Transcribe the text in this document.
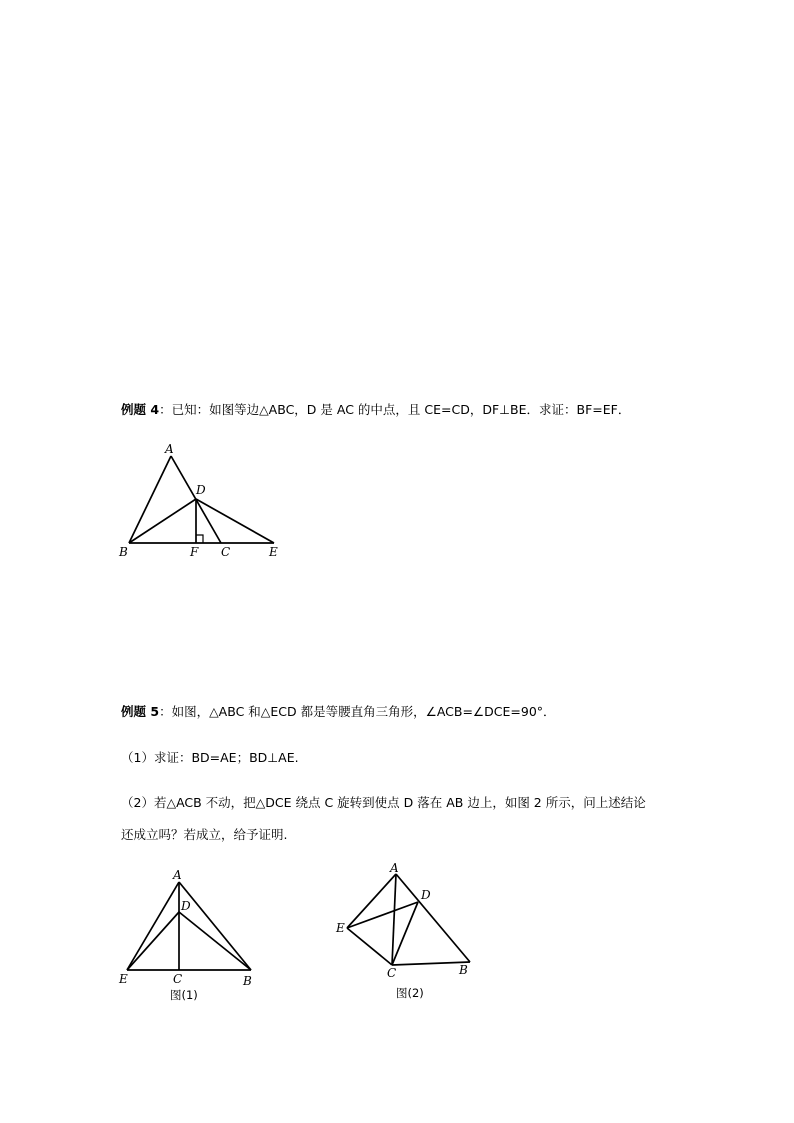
例题 4：已知：如图等边△ABC，D 是 AC 的中点，且 CE=CD，DF⊥BE．求证：BF=EF．
A
D
B	F C	E
例题 5：如图，△ABC 和△ECD 都是等腰直角三角形，∠ACB=∠DCE=90°．
（1）求证：BD=AE；BD⊥AE.
（2）若△ACB 不动，把△DCE 绕点 C 旋转到使点 D 落在 AB 边上，如图 2 所示，问上述结论
还成立吗？若成立，给予证明.
A
D
E	C	B
图(1)
A
D
E
C	B
图(2)
